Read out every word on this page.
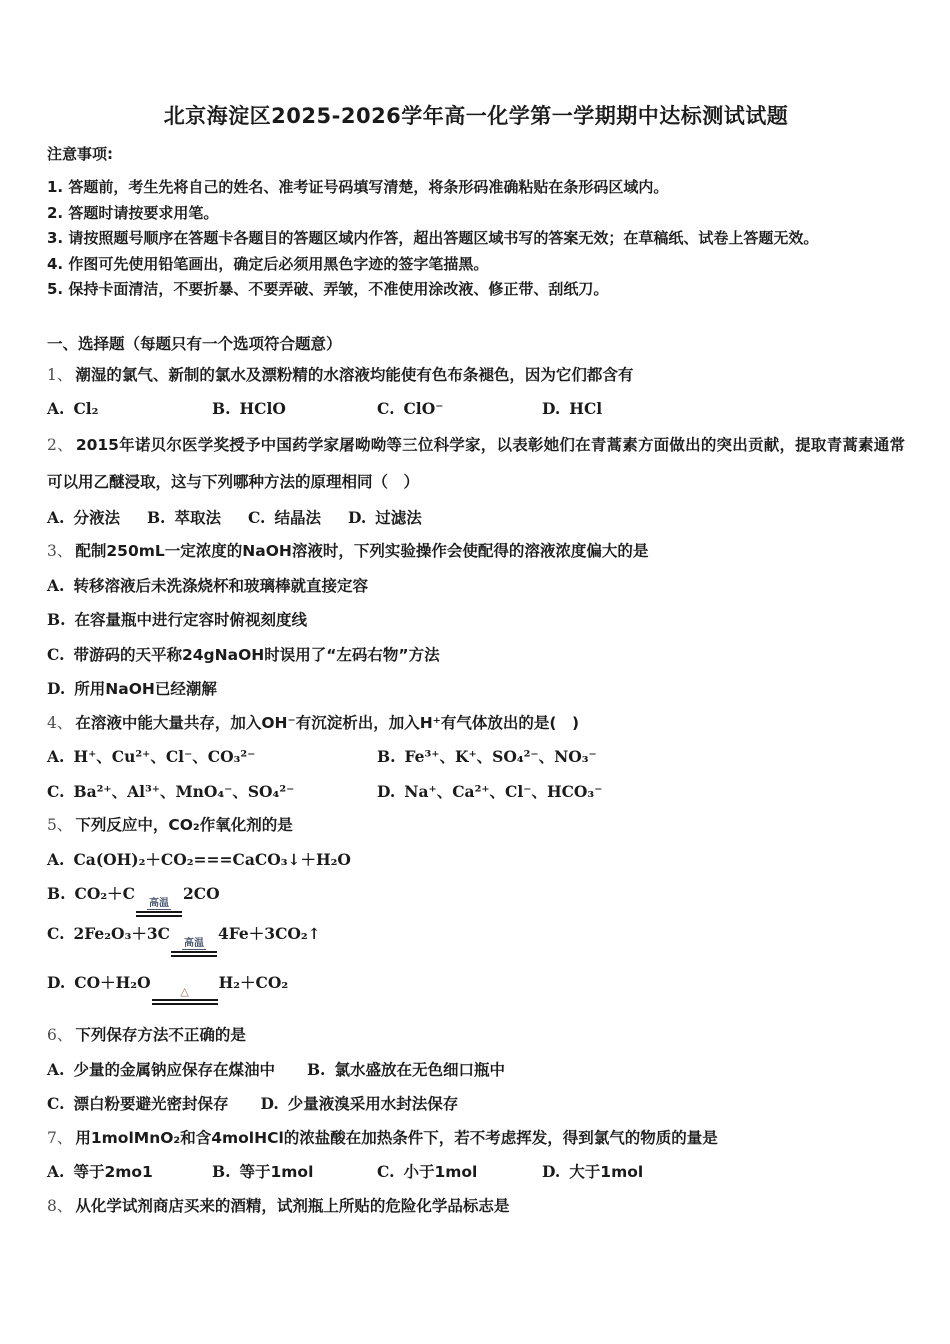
北京海淀区2025-2026学年高一化学第一学期期中达标测试试题
注意事项:
1. 答题前，考生先将自己的姓名、准考证号码填写清楚，将条形码准确粘贴在条形码区域内。
2. 答题时请按要求用笔。
3. 请按照题号顺序在答题卡各题目的答题区域内作答，超出答题区域书写的答案无效；在草稿纸、试卷上答题无效。
4. 作图可先使用铅笔画出，确定后必须用黑色字迹的签字笔描黑。
5. 保持卡面清洁，不要折暴、不要弄破、弄皱，不准使用涂改液、修正带、刮纸刀。
一、选择题（每题只有一个选项符合题意）
1、 潮湿的氯气、新制的氯水及漂粉精的水溶液均能使有色布条褪色，因为它们都含有
A. Cl₂	B. HClO	C. ClO⁻	D. HCl
2、 2015年诺贝尔医学奖授予中国药学家屠呦呦等三位科学家，以表彰她们在青蒿素方面做出的突出贡献，提取青蒿素通常可以用乙醚浸取，这与下列哪种方法的原理相同（　）
A. 分液法 B. 萃取法 C. 结晶法 D. 过滤法
3、 配制250mL一定浓度的NaOH溶液时，下列实验操作会使配得的溶液浓度偏大的是
A. 转移溶液后未洗涤烧杯和玻璃棒就直接定容
B. 在容量瓶中进行定容时俯视刻度线
C. 带游码的天平称24gNaOH时误用了“左码右物”方法
D. 所用NaOH已经潮解
4、 在溶液中能大量共存，加入OH⁻有沉淀析出，加入H⁺有气体放出的是(　)
A. H⁺、Cu²⁺、Cl⁻、CO₃²⁻	B. Fe³⁺、K⁺、SO₄²⁻、NO₃⁻
C. Ba²⁺、Al³⁺、MnO₄⁻、SO₄²⁻	D. Na⁺、Ca²⁺、Cl⁻、HCO₃⁻
5、 下列反应中，CO₂作氧化剂的是
A. Ca(OH)₂＋CO₂===CaCO₃↓＋H₂O
B. CO₂＋C
高温
2CO
C. 2Fe₂O₃＋3C
高温
4Fe＋3CO₂↑
D. CO＋H₂O	△ H₂＋CO₂
6、 下列保存方法不正确的是
A. 少量的金属钠应保存在煤油中 B. 氯水盛放在无色细口瓶中
C. 漂白粉要避光密封保存 D. 少量液溴采用水封法保存
7、 用1molMnO₂和含4molHCl的浓盐酸在加热条件下，若不考虑挥发，得到氯气的物质的量是
A. 等于2mo1	B. 等于1mol	C. 小于1mol	D. 大于1mol
8、 从化学试剂商店买来的酒精，试剂瓶上所贴的危险化学品标志是
